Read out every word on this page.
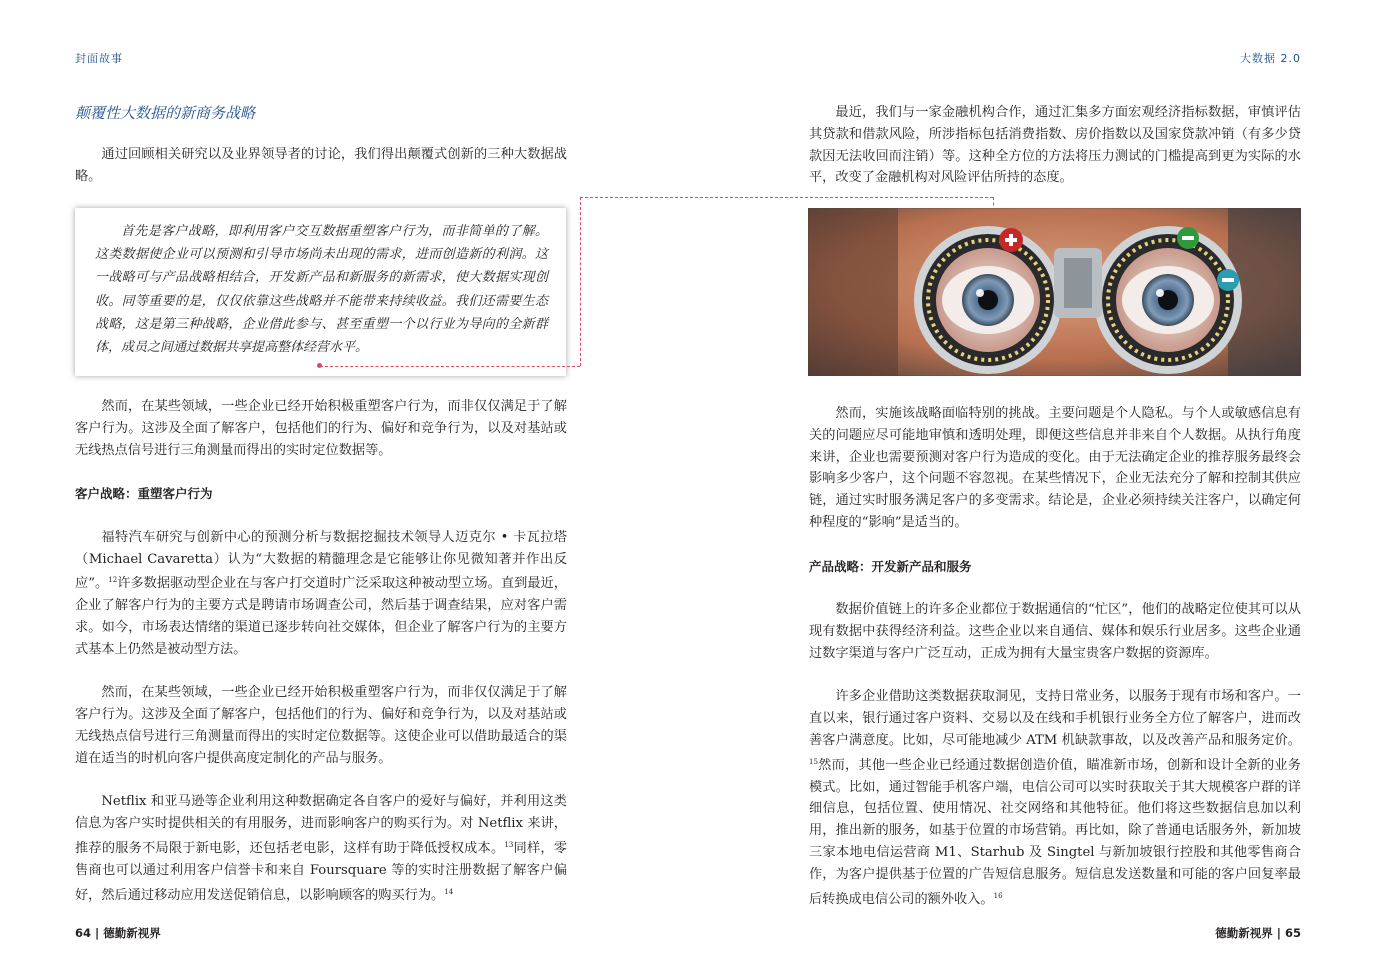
封面故事	大数据 2.0
颠覆性大数据的新商务战略

通过回顾相关研究以及业界领导者的讨论，我们得出颠覆式创新的三种大数据战略。

首先是客户战略，即利用客户交互数据重塑客户行为，而非简单的了解。这类数据使企业可以预测和引导市场尚未出现的需求，进而创造新的利润。这一战略可与产品战略相结合，开发新产品和新服务的新需求，使大数据实现创收。同等重要的是，仅仅依靠这些战略并不能带来持续收益。我们还需要生态战略，这是第三种战略，企业借此参与、甚至重塑一个以行业为导向的全新群体，成员之间通过数据共享提高整体经营水平。

然而，在某些领域，一些企业已经开始积极重塑客户行为，而非仅仅满足于了解客户行为。这涉及全面了解客户，包括他们的行为、偏好和竞争行为，以及对基站或无线热点信号进行三角测量而得出的实时定位数据等。

客户战略：重塑客户行为

福特汽车研究与创新中心的预测分析与数据挖掘技术领导人迈克尔 • 卡瓦拉塔（Michael Cavaretta）认为“大数据的精髓理念是它能够让你见微知著并作出反应”。$^{12}$许多数据驱动型企业在与客户打交道时广泛采取这种被动型立场。直到最近，企业了解客户行为的主要方式是聘请市场调查公司，然后基于调查结果，应对客户需求。如今，市场表达情绪的渠道已逐步转向社交媒体，但企业了解客户行为的主要方式基本上仍然是被动型方法。

然而，在某些领域，一些企业已经开始积极重塑客户行为，而非仅仅满足于了解客户行为。这涉及全面了解客户，包括他们的行为、偏好和竞争行为，以及对基站或无线热点信号进行三角测量而得出的实时定位数据等。这使企业可以借助最适合的渠道在适当的时机向客户提供高度定制化的产品与服务。

Netflix 和亚马逊等企业利用这种数据确定各自客户的爱好与偏好，并利用这类信息为客户实时提供相关的有用服务，进而影响客户的购买行为。对 Netflix 来讲，推荐的服务不局限于新电影，还包括老电影，这样有助于降低授权成本。$^{13}$同样，零售商也可以通过利用客户信誉卡和来自 Foursquare 等的实时注册数据了解客户偏好，然后通过移动应用发送促销信息，以影响顾客的购买行为。$^{14}$

最近，我们与一家金融机构合作，通过汇集多方面宏观经济指标数据，审慎评估其贷款和借款风险，所涉指标包括消费指数、房价指数以及国家贷款冲销（有多少贷款因无法收回而注销）等。这种全方位的方法将压力测试的门槛提高到更为实际的水平，改变了金融机构对风险评估所持的态度。

然而，实施该战略面临特别的挑战。主要问题是个人隐私。与个人或敏感信息有关的问题应尽可能地审慎和透明处理，即便这些信息并非来自个人数据。从执行角度来讲，企业也需要预测对客户行为造成的变化。由于无法确定企业的推荐服务最终会影响多少客户，这个问题不容忽视。在某些情况下，企业无法充分了解和控制其供应链，通过实时服务满足客户的多变需求。结论是，企业必须持续关注客户，以确定何种程度的“影响”是适当的。

产品战略：开发新产品和服务

数据价值链上的许多企业都位于数据通信的“忙区”，他们的战略定位使其可以从现有数据中获得经济利益。这些企业以来自通信、媒体和娱乐行业居多。这些企业通过数字渠道与客户广泛互动，正成为拥有大量宝贵客户数据的资源库。

许多企业借助这类数据获取洞见，支持日常业务，以服务于现有市场和客户。一直以来，银行通过客户资料、交易以及在线和手机银行业务全方位了解客户，进而改善客户满意度。比如，尽可能地减少 ATM 机缺款事故，以及改善产品和服务定价。$^{15}$然而，其他一些企业已经通过数据创造价值，瞄准新市场，创新和设计全新的业务模式。比如，通过智能手机客户端，电信公司可以实时获取关于其大规模客户群的详细信息，包括位置、使用情况、社交网络和其他特征。他们将这些数据信息加以利用，推出新的服务，如基于位置的市场营销。再比如，除了普通电话服务外，新加坡三家本地电信运营商 M1、Starhub 及 Singtel 与新加坡银行控股和其他零售商合作，为客户提供基于位置的广告短信息服务。短信息发送数量和可能的客户回复率最后转换成电信公司的额外收入。$^{16}$

64 | 德勤新视界	德勤新视界 | 65
